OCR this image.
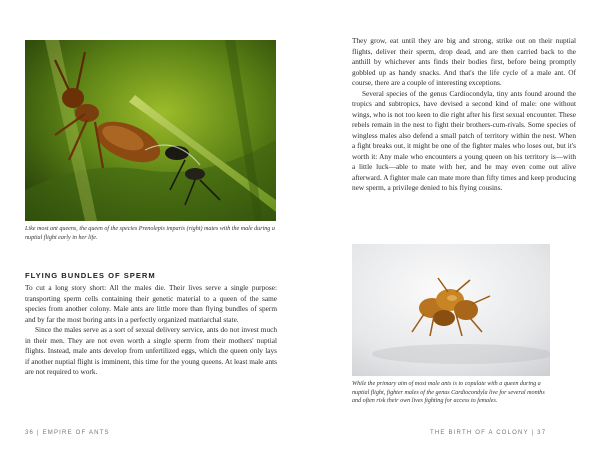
Like most ant queens, the queen of the species Prenolepis imparis (right) mates with the male during a nuptial flight early in her life.

FLYING BUNDLES OF SPERM

To cut a long story short: All the males die. Their lives serve a single purpose: transporting sperm cells containing their genetic material to a queen of the same species from another colony. Male ants are little more than flying bundles of sperm and by far the most boring ants in a perfectly organized matriarchal state.

Since the males serve as a sort of sexual delivery service, ants do not invest much in their men. They are not even worth a single sperm from their mothers' nuptial flights. Instead, male ants develop from unfertilized eggs, which the queen only lays if another nuptial flight is imminent, this time for the young queens. At least male ants are not required to work.

36 | EMPIRE OF ANTS

They grow, eat until they are big and strong, strike out on their nuptial flights, deliver their sperm, drop dead, and are then carried back to the anthill by whichever ants finds their bodies first, before being promptly gobbled up as handy snacks. And that's the life cycle of a male ant. Of course, there are a couple of interesting exceptions.

Several species of the genus Cardiocondyla, tiny ants found around the tropics and subtropics, have devised a second kind of male: one without wings, who is not too keen to die right after his first sexual encounter. These rebels remain in the nest to fight their brothers-cum-rivals. Some species of wingless males also defend a small patch of territory within the nest. When a fight breaks out, it might be one of the fighter males who loses out, but it's worth it: Any male who encounters a young queen on his territory is—with a little luck—able to mate with her, and he may even come out alive afterward. A fighter male can mate more than fifty times and keep producing new sperm, a privilege denied to his flying cousins.

While the primary aim of most male ants is to copulate with a queen during a nuptial flight, fighter males of the genus Cardiocondyla live for several months and often risk their own lives fighting for access to females.

THE BIRTH OF A COLONY | 37
